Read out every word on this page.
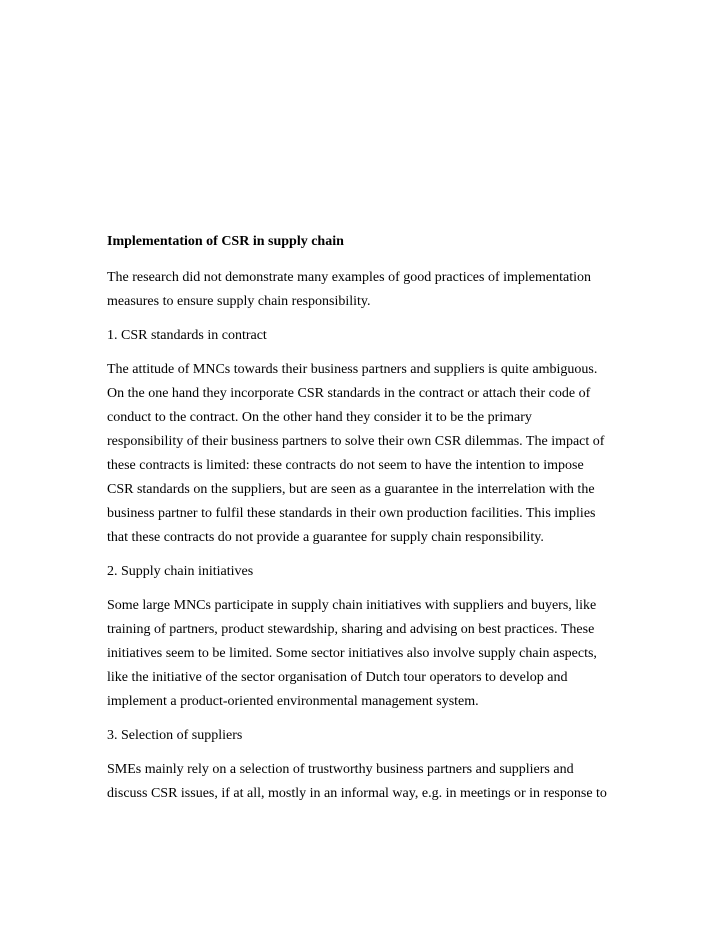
Implementation of CSR in supply chain
The research did not demonstrate many examples of good practices of implementation
measures to ensure supply chain responsibility.
1. CSR standards in contract
The attitude of MNCs towards their business partners and suppliers is quite ambiguous.
On the one hand they incorporate CSR standards in the contract or attach their code of
conduct to the contract. On the other hand they consider it to be the primary
responsibility of their business partners to solve their own CSR dilemmas. The impact of
these contracts is limited: these contracts do not seem to have the intention to impose
CSR standards on the suppliers, but are seen as a guarantee in the interrelation with the
business partner to fulfil these standards in their own production facilities. This implies
that these contracts do not provide a guarantee for supply chain responsibility.
2. Supply chain initiatives
Some large MNCs participate in supply chain initiatives with suppliers and buyers, like
training of partners, product stewardship, sharing and advising on best practices. These
initiatives seem to be limited. Some sector initiatives also involve supply chain aspects,
like the initiative of the sector organisation of Dutch tour operators to develop and
implement a product-oriented environmental management system.
3. Selection of suppliers
SMEs mainly rely on a selection of trustworthy business partners and suppliers and
discuss CSR issues, if at all, mostly in an informal way, e.g. in meetings or in response to
